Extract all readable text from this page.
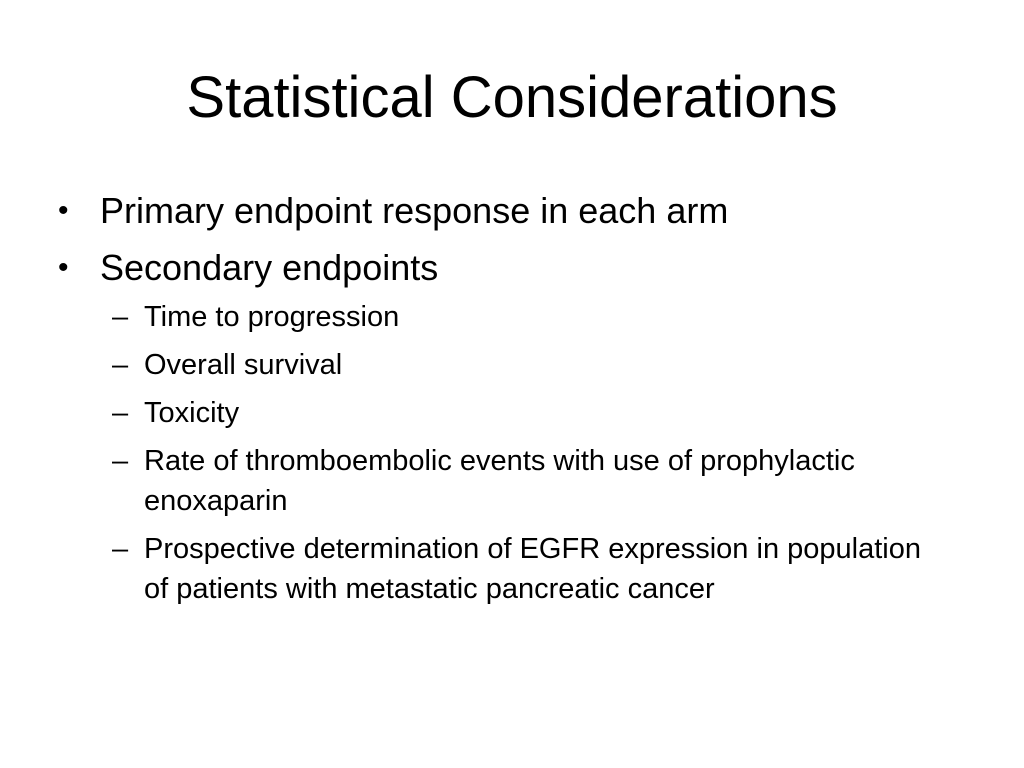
Statistical Considerations
• Primary endpoint response in each arm
• Secondary endpoints
– Time to progression
– Overall survival
– Toxicity
– Rate of thromboembolic events with use of prophylactic enoxaparin
– Prospective determination of EGFR expression in population of patients with metastatic pancreatic cancer
